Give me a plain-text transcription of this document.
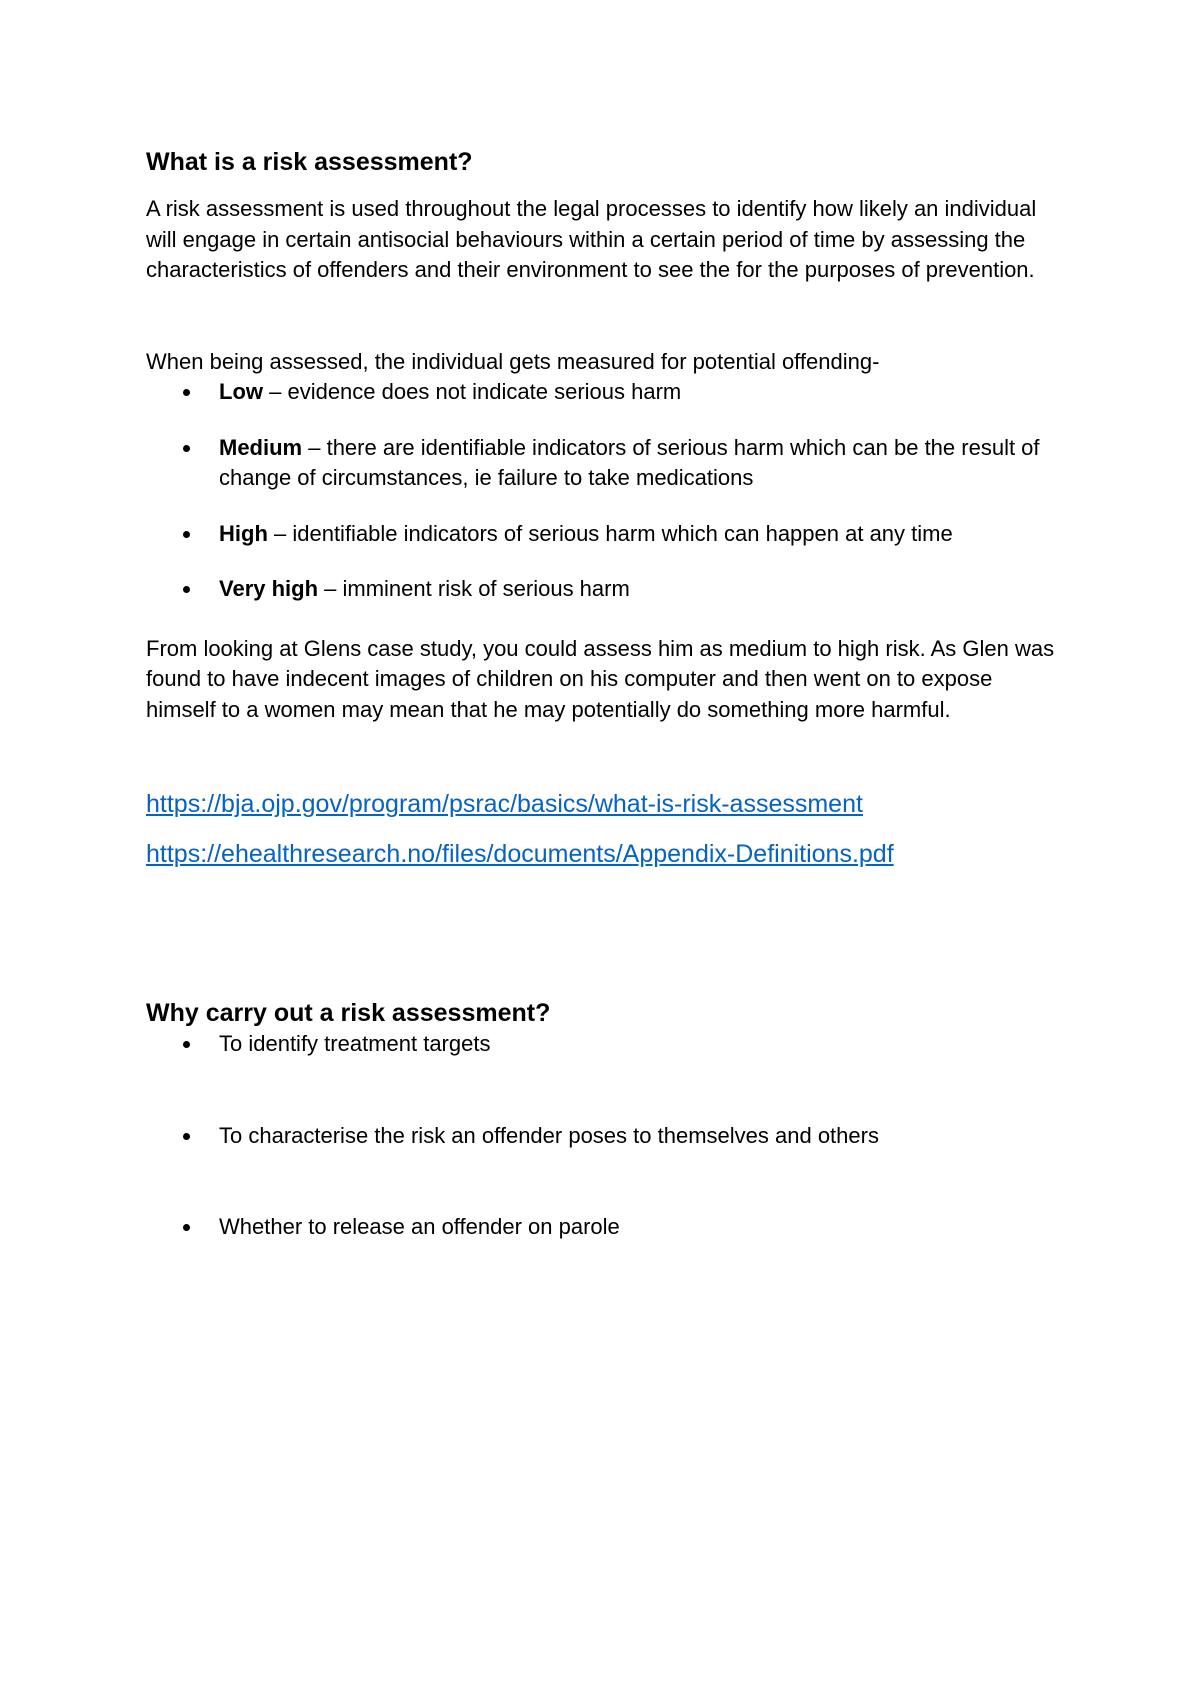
What is a risk assessment?

A risk assessment is used throughout the legal processes to identify how likely an individual will engage in certain antisocial behaviours within a certain period of time by assessing the characteristics of offenders and their environment to see the for the purposes of prevention.

When being assessed, the individual gets measured for potential offending-

Low – evidence does not indicate serious harm
Medium – there are identifiable indicators of serious harm which can be the result of change of circumstances, ie failure to take medications
High – identifiable indicators of serious harm which can happen at any time
Very high – imminent risk of serious harm

From looking at Glens case study, you could assess him as medium to high risk. As Glen was found to have indecent images of children on his computer and then went on to expose himself to a women may mean that he may potentially do something more harmful.

https://bja.ojp.gov/program/psrac/basics/what-is-risk-assessment
https://ehealthresearch.no/files/documents/Appendix-Definitions.pdf
Why carry out a risk assessment?
To identify treatment targets
To characterise the risk an offender poses to themselves and others
Whether to release an offender on parole
